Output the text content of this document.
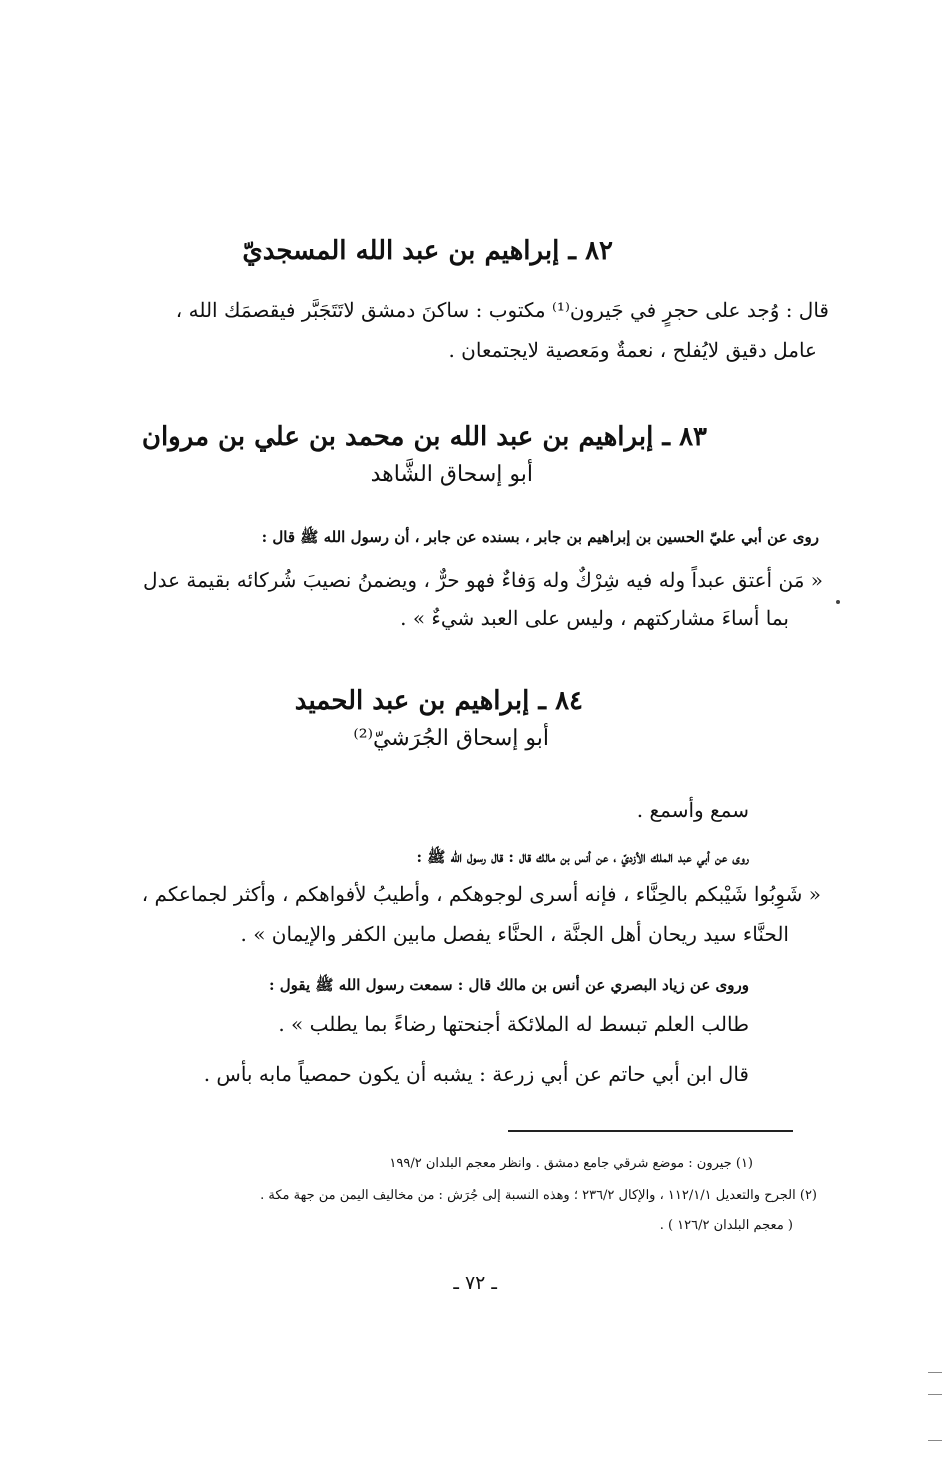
٨٢ ـ إبراهيم بن عبد الله المسجديّ
قال : وُجد على حجرٍ في جَيرون⁽¹⁾ مكتوب : ساكنَ دمشق لاتَتَجَبَّر فيقصمَك الله ،
عامل دقيق لايُفلح ، نعمةٌ ومَعصية لايجتمعان .
٨٣ ـ إبراهيم بن عبد الله بن محمد بن علي بن مروان
أبو إسحاق الشَّاهد
روى عن أبي عليّ الحسين بن إبراهيم بن جابر ، بسنده عن جابر ، أن رسول الله ﷺ قال :
« مَن أعتق عبداً وله فيه شِرْكٌ وله وَفاءٌ فهو حرٌّ ، ويضمنُ نصيبَ شُركائه بقيمة عدل
بما أساءَ مشاركتهم ، وليس على العبد شيءٌ » .
٨٤ ـ إبراهيم بن عبد الحميد
أبو إسحاق الجُرَشيّ⁽²⁾
سمع وأسمع .
روى عن أبي عبد الملك الأزديّ ، عن أنس بن مالك قال : قال رسول الله ﷺ :
« شَوِبُوا شَيْبكم بالحِنَّاء ، فإنه أسرى لوجوهكم ، وأطيبُ لأفواهكم ، وأكثر لجماعكم ،
الحنَّاء سيد ريحان أهل الجنَّة ، الحنَّاء يفصل مابين الكفر والإيمان » .
وروى عن زياد البصري عن أنس بن مالك قال : سمعت رسول الله ﷺ يقول :
طالب العلم تبسط له الملائكة أجنحتها رضاءً بما يطلب » .
قال ابن أبي حاتم عن أبي زرعة : يشبه أن يكون حمصياً مابه بأس .
(١) جيرون : موضع شرقي جامع دمشق . وانظر معجم البلدان ١٩٩/٢
(٢) الجرح والتعديل ١١٢/١/١ ، والإكال ٢٣٦/٢ ؛ وهذه النسبة إلى جُرَش : من مخاليف اليمن من جهة مكة .
( معجم البلدان ١٢٦/٢ ) .
ـ ٧٢ ـ
